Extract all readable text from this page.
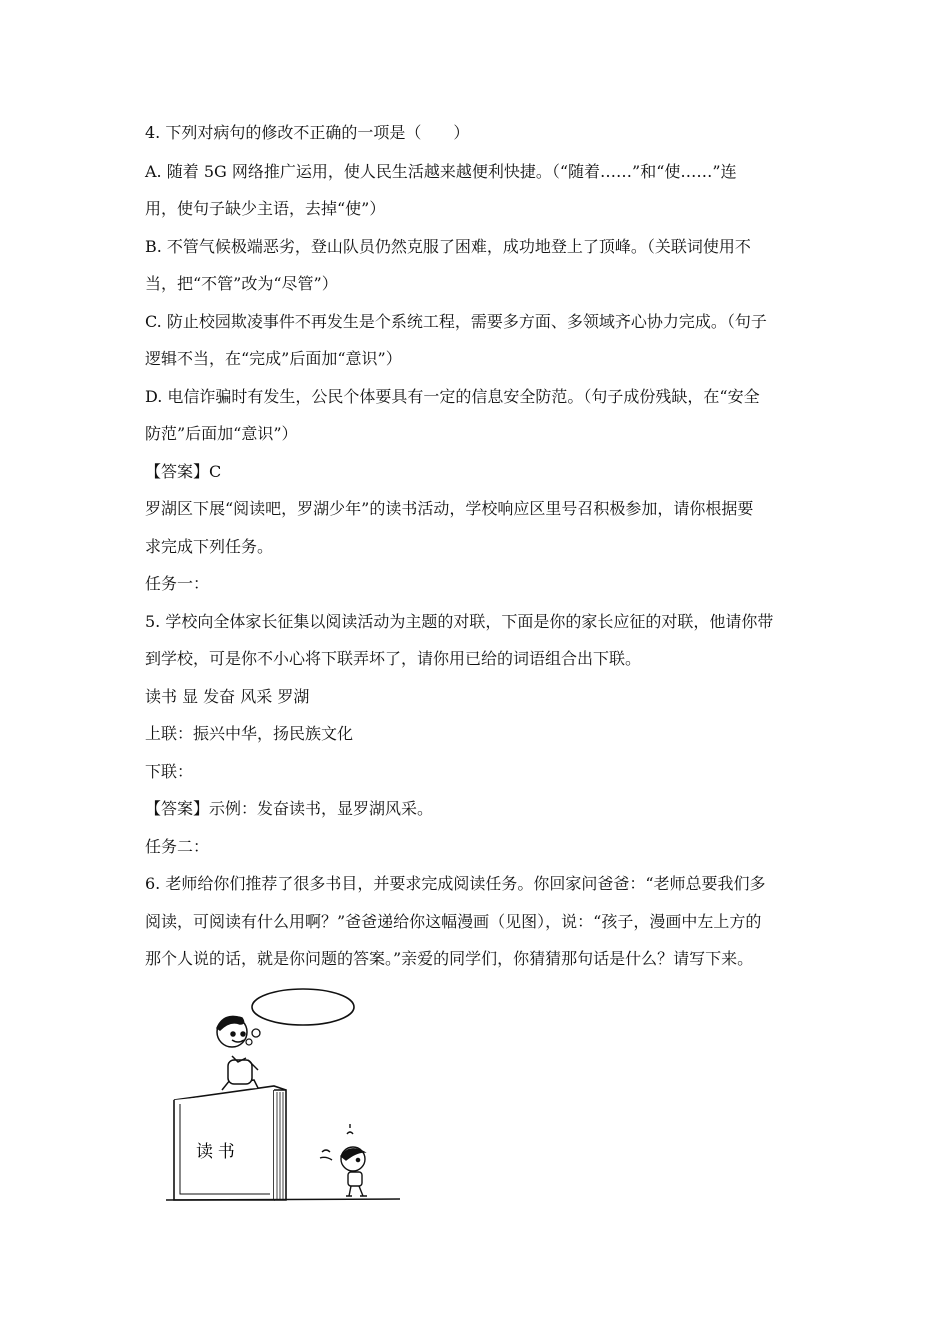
4. 下列对病句的修改不正确的一项是（　　）
A. 随着 5G 网络推广运用，使人民生活越来越便利快捷。（“随着……”和“使……”连
用，使句子缺少主语，去掉“使”）
B. 不管气候极端恶劣，登山队员仍然克服了困难，成功地登上了顶峰。（关联词使用不
当，把“不管”改为“尽管”）
C. 防止校园欺凌事件不再发生是个系统工程，需要多方面、多领域齐心协力完成。（句子
逻辑不当，在“完成”后面加“意识”）
D. 电信诈骗时有发生，公民个体要具有一定的信息安全防范。（句子成份残缺，在“安全
防范”后面加“意识”）
【答案】C
罗湖区下展“阅读吧，罗湖少年”的读书活动，学校响应区里号召积极参加，请你根据要
求完成下列任务。
任务一：
5. 学校向全体家长征集以阅读活动为主题的对联，下面是你的家长应征的对联，他请你带
到学校，可是你不小心将下联弄坏了，请你用已给的词语组合出下联。
读书 显 发奋 风采 罗湖
上联：振兴中华，扬民族文化
下联：
【答案】示例：发奋读书，显罗湖风采。
任务二：
6. 老师给你们推荐了很多书目，并要求完成阅读任务。你回家问爸爸：“老师总要我们多
阅读，可阅读有什么用啊？”爸爸递给你这幅漫画（见图），说：“孩子，漫画中左上方的
那个人说的话，就是你问题的答案。”亲爱的同学们，你猜猜那句话是什么？请写下来。
读 书
